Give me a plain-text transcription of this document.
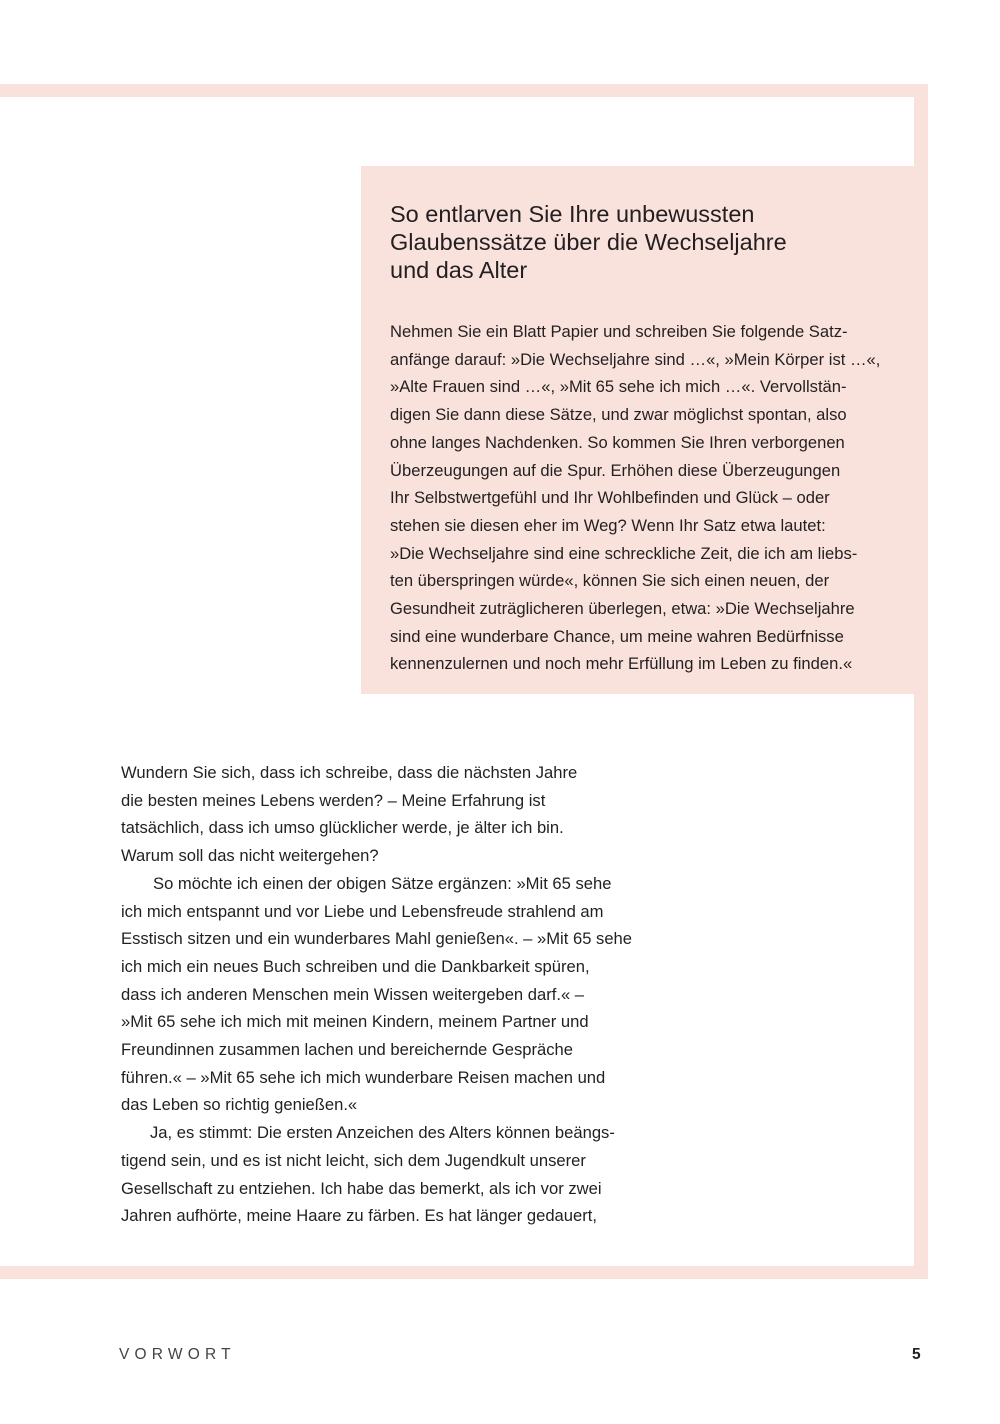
So entlarven Sie Ihre unbewussten
Glaubenssätze über die Wechseljahre
und das Alter
Nehmen Sie ein Blatt Papier und schreiben Sie folgende Satz-
anfänge darauf: »Die Wechseljahre sind …«, »Mein Körper ist …«,
»Alte Frauen sind …«, »Mit 65 sehe ich mich …«. Vervollstän-
digen Sie dann diese Sätze, und zwar möglichst spontan, also
ohne langes Nachdenken. So kommen Sie Ihren verborgenen
Überzeugungen auf die Spur. Erhöhen diese Überzeugungen
Ihr Selbstwertgefühl und Ihr Wohlbefinden und Glück – oder
stehen sie diesen eher im Weg? Wenn Ihr Satz etwa lautet:
»Die Wechseljahre sind eine schreckliche Zeit, die ich am liebs-
ten überspringen würde«, können Sie sich einen neuen, der
Gesundheit zuträglicheren überlegen, etwa: »Die Wechseljahre
sind eine wunderbare Chance, um meine wahren Bedürfnisse
kennenzulernen und noch mehr Erfüllung im Leben zu finden.«
Wundern Sie sich, dass ich schreibe, dass die nächsten Jahre
die besten meines Lebens werden? – Meine Erfahrung ist
tatsächlich, dass ich umso glücklicher werde, je älter ich bin.
Warum soll das nicht weitergehen?
So möchte ich einen der obigen Sätze ergänzen: »Mit 65 sehe
ich mich entspannt und vor Liebe und Lebensfreude strahlend am
Esstisch sitzen und ein wunderbares Mahl genießen«. – »Mit 65 sehe
ich mich ein neues Buch schreiben und die Dankbarkeit spüren,
dass ich anderen Menschen mein Wissen weitergeben darf.« –
»Mit 65 sehe ich mich mit meinen Kindern, meinem Partner und
Freundinnen zusammen lachen und bereichernde Gespräche
führen.« – »Mit 65 sehe ich mich wunderbare Reisen machen und
das Leben so richtig genießen.«
Ja, es stimmt: Die ersten Anzeichen des Alters können beängs-
tigend sein, und es ist nicht leicht, sich dem Jugendkult unserer
Gesellschaft zu entziehen. Ich habe das bemerkt, als ich vor zwei
Jahren aufhörte, meine Haare zu färben. Es hat länger gedauert,
VORWORT	5
